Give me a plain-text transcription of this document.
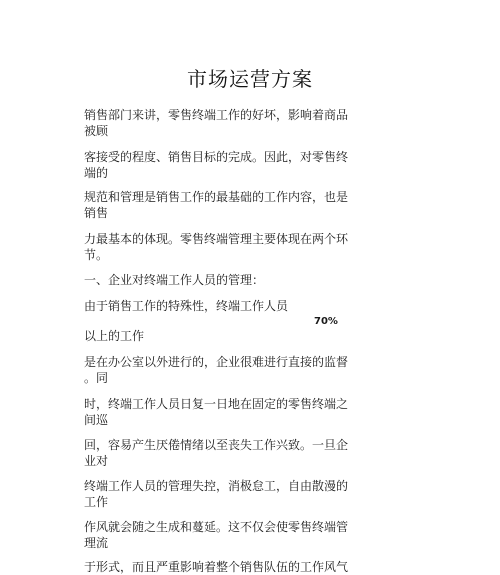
市场运营方案
销售部门来讲，零售终端工作的好坏，影响着商品
被顾
客接受的程度、销售目标的完成。因此，对零售终
端的
规范和管理是销售工作的最基础的工作内容，也是
销售
力最基本的体现。零售终端管理主要体现在两个环
节。
一、企业对终端工作人员的管理：
由于销售工作的特殊性，终端工作人员
70%
以上的工作
是在办公室以外进行的，企业很难进行直接的监督
。同
时，终端工作人员日复一日地在固定的零售终端之
间巡
回，容易产生厌倦情绪以至丧失工作兴致。一旦企
业对
终端工作人员的管理失控，消极怠工，自由散漫的
工作
作风就会随之生成和蔓延。这不仅会使零售终端管
理流
于形式，而且严重影响着整个销售队伍的工作风气
